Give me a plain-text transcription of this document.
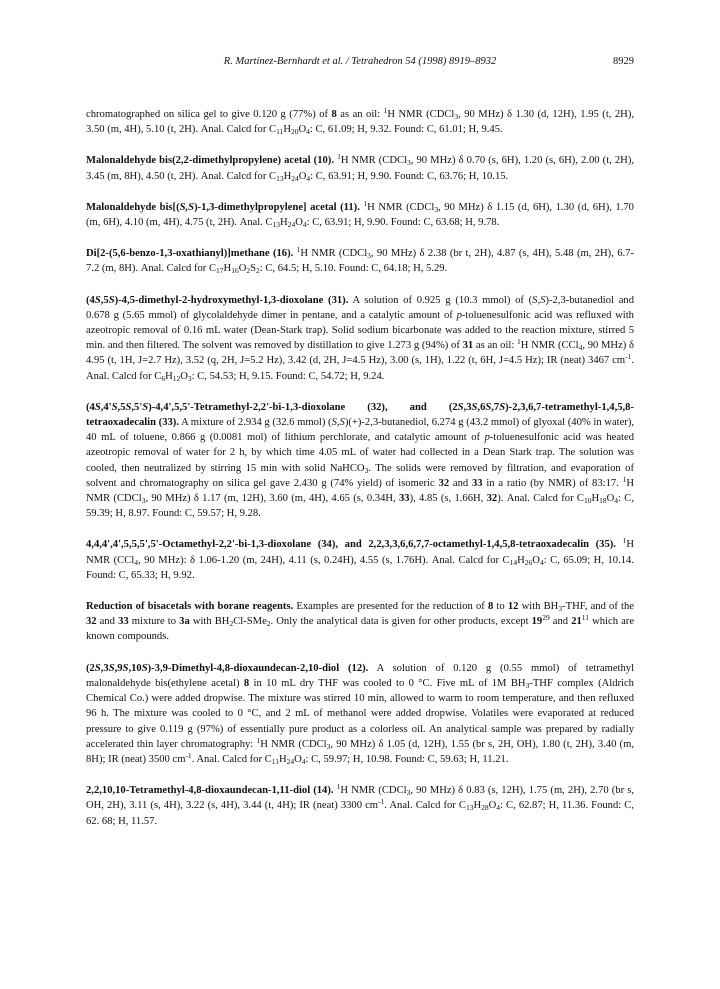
R. Martínez-Bernhardt et al. / Tetrahedron 54 (1998) 8919–8932	8929

chromatographed on silica gel to give 0.120 g (77%) of 8 as an oil: $^1$H NMR (CDCl$_3$, 90 MHz) δ 1.30 (d, 12H), 1.95 (t, 2H), 3.50 (m, 4H), 5.10 (t, 2H). Anal. Calcd for $C_{11}H_{20}O_4$: C, 61.09; H, 9.32. Found: C, 61.01; H, 9.45.

Malonaldehyde bis(2,2-dimethylpropylene) acetal (10). $^1$H NMR (CDCl$_3$, 90 MHz) δ 0.70 (s, 6H), 1.20 (s, 6H), 2.00 (t, 2H), 3.45 (m, 8H), 4.50 (t, 2H). Anal. Calcd for $C_{13}H_{24}O_4$: C, 63.91; H, 9.90. Found: C, 63.76; H, 10.15.

Malonaldehyde bis[(S,S)-1,3-dimethylpropylene] acetal (11). $^1$H NMR (CDCl$_3$, 90 MHz) δ 1.15 (d, 6H), 1.30 (d, 6H), 1.70 (m, 6H), 4.10 (m, 4H), 4.75 (t, 2H). Anal. $C_{13}H_{24}O_4$: C, 63.91; H, 9.90. Found: C, 63.68; H, 9.78.

Di[2-(5,6-benzo-1,3-oxathianyl)]methane (16). $^1$H NMR (CDCl$_3$, 90 MHz) δ 2.38 (br t, 2H), 4.87 (s, 4H), 5.48 (m, 2H), 6.7-7.2 (m, 8H). Anal. Calcd for $C_{17}H_{16}O_2S_2$: C, 64.5; H, 5.10. Found: C, 64.18; H, 5.29.

(4S,5S)-4,5-dimethyl-2-hydroxymethyl-1,3-dioxolane (31). A solution of 0.925 g (10.3 mmol) of (S,S)-2,3-butanediol and 0.678 g (5.65 mmol) of glycolaldehyde dimer in pentane, and a catalytic amount of p-toluenesulfonic acid was refluxed with azeotropic removal of 0.16 mL water (Dean-Stark trap). Solid sodium bicarbonate was added to the reaction mixture, stirred 5 min. and then filtered. The solvent was removed by distillation to give 1.273 g (94%) of 31 as an oil: $^1$H NMR (CCl$_4$, 90 MHz) δ 4.95 (t, 1H, J=2.7 Hz), 3.52 (q, 2H, J=5.2 Hz), 3.42 (d, 2H, J=4.5 Hz), 3.00 (s, 1H), 1.22 (t, 6H, J=4.5 Hz); IR (neat) 3467 $cm^{-1}$. Anal. Calcd for $C_6H_{12}O_3$: C, 54.53; H, 9.15. Found: C, 54.72; H, 9.24.

(4S,4'S,5S,5'S)-4,4',5,5'-Tetramethyl-2,2'-bi-1,3-dioxolane (32), and (2S,3S,6S,7S)-2,3,6,7-tetramethyl-1,4,5,8-tetraoxadecalin (33). A mixture of 2.934 g (32.6 mmol) (S,S)(+)-2,3-butanediol, 6.274 g (43.2 mmol) of glyoxal (40% in water), 40 mL of toluene, 0.866 g (0.0081 mol) of lithium perchlorate, and catalytic amount of p-toluenesulfonic acid was heated azeotropic removal of water for 2 h, by which time 4.05 mL of water had collected in a Dean Stark trap. The solution was cooled, then neutralized by stirring 15 min with solid NaHCO$_3$. The solids were removed by filtration, and evaporation of solvent and chromatography on silica gel gave 2.430 g (74% yield) of isomeric 32 and 33 in a ratio (by NMR) of 83:17. $^1$H NMR (CDCl$_3$, 90 MHz) δ 1.17 (m, 12H), 3.60 (m, 4H), 4.65 (s, 0.34H, 33), 4.85 (s, 1.66H, 32). Anal. Calcd for $C_{10}H_{18}O_4$: C, 59.39; H, 8.97. Found: C, 59.57; H, 9.28.

4,4,4',4',5,5,5',5'-Octamethyl-2,2'-bi-1,3-dioxolane (34), and 2,2,3,3,6,6,7,7-octamethyl-1,4,5,8-tetraoxadecalin (35). $^1$H NMR (CCl$_4$, 90 MHz): δ 1.06-1.20 (m, 24H), 4.11 (s, 0.24H), 4.55 (s, 1.76H). Anal. Calcd for $C_{14}H_{26}O_4$: C, 65.09; H, 10.14. Found: C, 65.33; H, 9.92.

Reduction of bisacetals with borane reagents. Examples are presented for the reduction of 8 to 12 with $BH_3$-THF, and of the 32 and 33 mixture to 3a with $BH_2Cl-SMe_2$. Only the analytical data is given for other products, except $19^{29}$ and $21^{11}$ which are known compounds.

(2S,3S,9S,10S)-3,9-Dimethyl-4,8-dioxaundecan-2,10-diol (12). A solution of 0.120 g (0.55 mmol) of tetramethyl malonaldehyde bis(ethylene acetal) 8 in 10 mL dry THF was cooled to 0 °C. Five mL of 1M $BH_3$-THF complex (Aldrich Chemical Co.) were added dropwise. The mixture was stirred 10 min, allowed to warm to room temperature, and then refluxed 96 h. The mixture was cooled to 0 °C, and 2 mL of methanol were added dropwise. Volatiles were evaporated at reduced pressure to give 0.119 g (97%) of essentially pure product as a colorless oil. An analytical sample was prepared by radially accelerated thin layer chromatography: $^1$H NMR (CDCl$_3$, 90 MHz) δ 1.05 (d, 12H), 1.55 (br s, 2H, OH), 1.80 (t, 2H), 3.40 (m, 8H); IR (neat) 3500 $cm^{-1}$. Anal. Calcd for $C_{11}H_{24}O_4$: C, 59.97; H, 10.98. Found: C, 59.63; H, 11.21.

2,2,10,10-Tetramethyl-4,8-dioxaundecan-1,11-diol (14). $^1$H NMR (CDCl$_3$, 90 MHz) δ 0.83 (s, 12H), 1.75 (m, 2H), 2.70 (br s, OH, 2H), 3.11 (s, 4H), 3.22 (s, 4H), 3.44 (t, 4H); IR (neat) 3300 $cm^{-1}$. Anal. Calcd for $C_{13}H_{28}O_4$: C, 62.87; H, 11.36. Found: C, 62. 68; H, 11.57.
